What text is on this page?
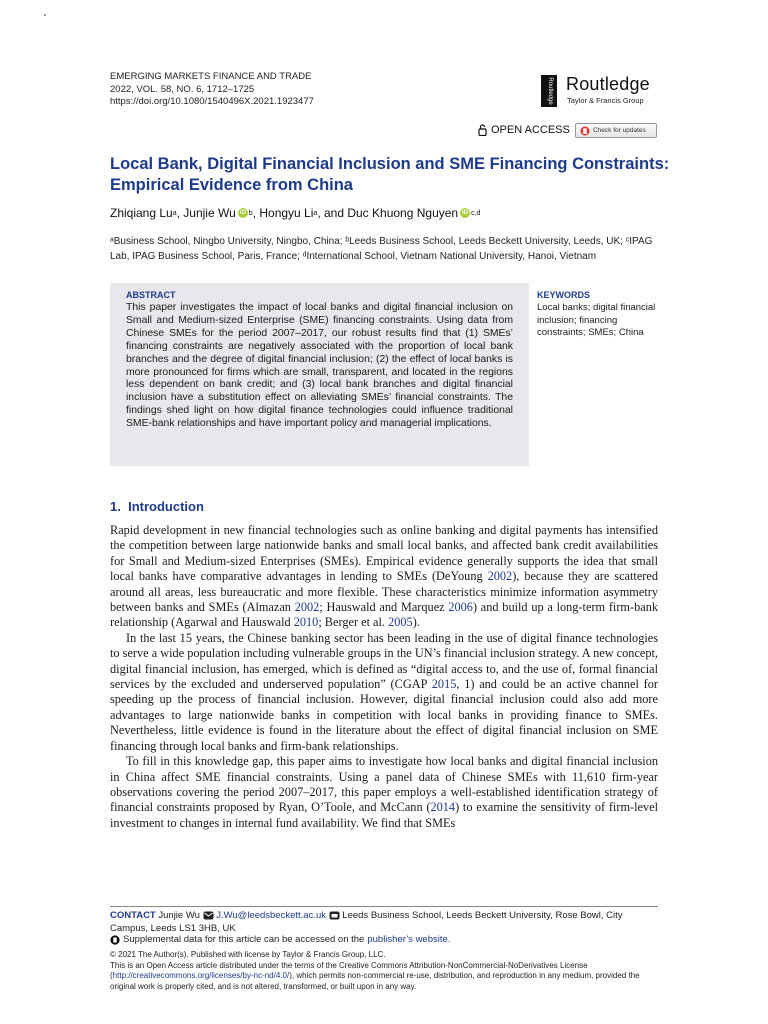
EMERGING MARKETS FINANCE AND TRADE
2022, VOL. 58, NO. 6, 1712–1725
https://doi.org/10.1080/1540496X.2021.1923477	Routledge Routledge
Taylor & Francis Group
OPEN ACCESS	Check for updates
Local Bank, Digital Financial Inclusion and SME Financing Constraints: Empirical Evidence from China
Zhiqiang Lu a , Junjie Wu iD b , Hongyu Li a , and Duc Khuong Nguyen iD c,d
ᵃBusiness School, Ningbo University, Ningbo, China; ᵇLeeds Business School, Leeds Beckett University, Leeds, UK; ᶜIPAG Lab, IPAG Business School, Paris, France; ᵈInternational School, Vietnam National University, Hanoi, Vietnam
ABSTRACT
This paper investigates the impact of local banks and digital financial inclusion on Small and Medium-sized Enterprise (SME) financing constraints. Using data from Chinese SMEs for the period 2007–2017, our robust results find that (1) SMEs’ financing constraints are negatively associated with the proportion of local bank branches and the degree of digital financial inclusion; (2) the effect of local banks is more pronounced for firms which are small, transparent, and located in the regions less dependent on bank credit; and (3) local bank branches and digital financial inclusion have a substitution effect on alleviating SMEs’ financial constraints. The findings shed light on how digital finance technologies could influence traditional SME-bank relationships and have important policy and managerial implications.
KEYWORDS
Local banks; digital financial inclusion; financing constraints; SMEs; China
1. Introduction

Rapid development in new financial technologies such as online banking and digital payments has intensified the competition between large nationwide banks and small local banks, and affected bank credit availabilities for Small and Medium-sized Enterprises (SMEs). Empirical evidence generally supports the idea that small local banks have comparative advantages in lending to SMEs (DeYoung 2002), because they are scattered around all areas, less bureaucratic and more flexible. These characteristics minimize information asymmetry between banks and SMEs (Almazan 2002; Hauswald and Marquez 2006) and build up a long-term firm-bank relationship (Agarwal and Hauswald 2010; Berger et al. 2005).

In the last 15 years, the Chinese banking sector has been leading in the use of digital finance technologies to serve a wide population including vulnerable groups in the UN’s financial inclusion strategy. A new concept, digital financial inclusion, has emerged, which is defined as “digital access to, and the use of, formal financial services by the excluded and underserved population” (CGAP 2015, 1) and could be an active channel for speeding up the process of financial inclusion. However, digital financial inclusion could also add more advantages to large nationwide banks in competition with local banks in providing finance to SMEs. Nevertheless, little evidence is found in the literature about the effect of digital financial inclusion on SME financing through local banks and firm-bank relationships.

To fill in this knowledge gap, this paper aims to investigate how local banks and digital financial inclusion in China affect SME financial constraints. Using a panel data of Chinese SMEs with 11,610 firm-year observations covering the period 2007–2017, this paper employs a well-established identification strategy of financial constraints proposed by Ryan, O’Toole, and McCann (2014) to examine the sensitivity of firm-level investment to changes in internal fund availability. We find that SMEs

CONTACT Junjie Wu J.Wu@leedsbeckett.ac.uk Leeds Business School, Leeds Beckett University, Rose Bowl, City Campus, Leeds LS1 3HB, UK
Supplemental data for this article can be accessed on the publisher’s website.
© 2021 The Author(s). Published with license by Taylor & Francis Group, LLC.
This is an Open Access article distributed under the terms of the Creative Commons Attribution-NonCommercial-NoDerivatives License (http://creativecommons.org/licenses/by-nc-nd/4.0/), which permits non-commercial re-use, distribution, and reproduction in any medium, provided the original work is properly cited, and is not altered, transformed, or built upon in any way.
